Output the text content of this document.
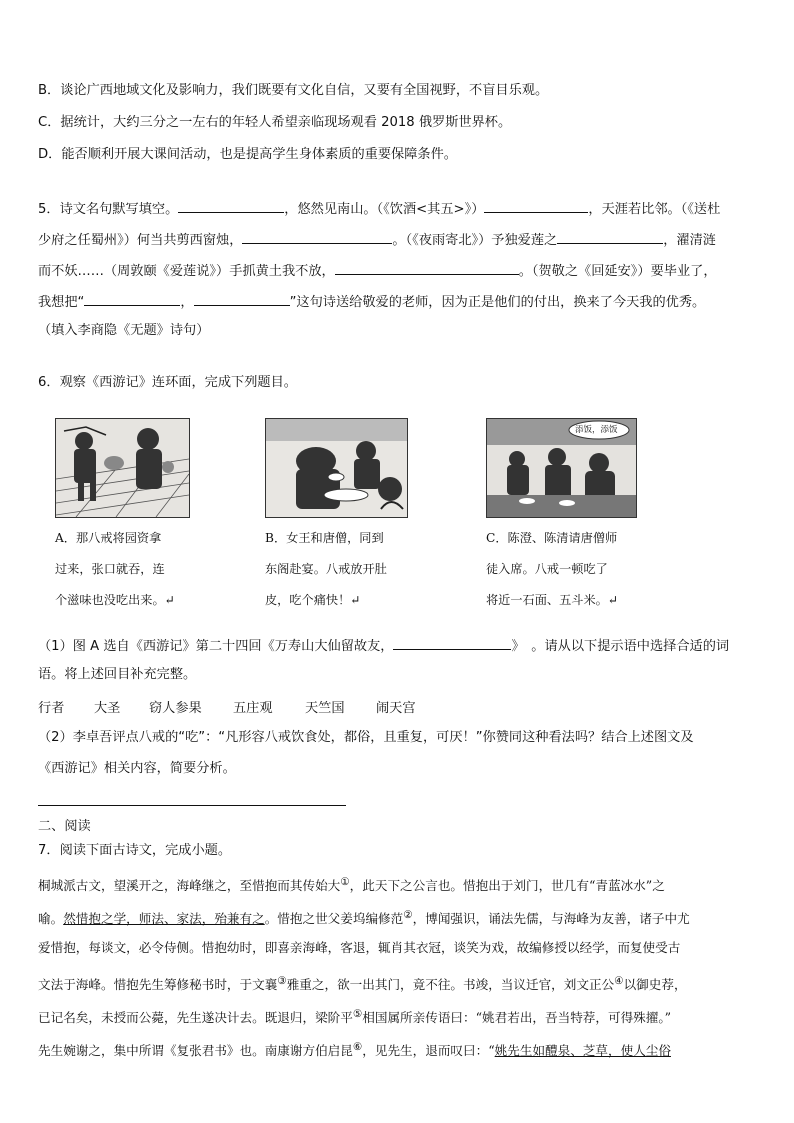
B．谈论广西地域文化及影响力，我们既要有文化自信，又要有全国视野，不盲目乐观。
C．据统计，大约三分之一左右的年轻人希望亲临现场观看 2018 俄罗斯世界杯。
D．能否顺利开展大课间活动，也是提高学生身体素质的重要保障条件。
5．诗文名句默写填空。	，悠然见南山。（《饮酒<其五>》）	，天涯若比邻。（《送杜
少府之任蜀州》）何当共剪西窗烛，	。（《夜雨寄北》）予独爱莲之	，濯清涟
而不妖……（周敦颐《爱莲说》）手抓黄土我不放，	。（贺敬之《回延安》）要毕业了，
我想把“	，	”这句诗送给敬爱的老师，因为正是他们的付出，换来了今天我的优秀。
（填入李商隐《无题》诗句）
6．观察《西游记》连环面，完成下列题目。
添饭，添饭
A．那八戒将园资拿
过来，张口就吞，连
个滋味也没吃出来。↵
B．女王和唐僧，同到
东阁赴宴。八戒放开肚
皮，吃个痛快！↵
C．陈澄、陈清请唐僧师
徒入席。八戒一顿吃了
将近一石面、五斗米。↵
（1）图 A 选自《西游记》第二十四回《万寿山大仙留故友，	》　。请从以下提示语中选择合适的词
语。将上述回目补充完整。
行者 大圣 窃人参果 五庄观 天竺国 闹天宫
（2）李卓吾评点八戒的“吃”：“凡形容八戒饮食处，都俗，且重复，可厌！”你赞同这种看法吗？结合上述图文及
《西游记》相关内容，简要分析。
二、阅读
7．阅读下面古诗文，完成小题。
桐城派古文，望溪开之，海峰继之，至惜抱而其传始大①，此天下之公言也。惜抱出于刘门，世几有“青蓝冰水”之
喻。然惜抱之学，师法、家法，殆兼有之。惜抱之世父姜坞编修范②，博闻强识，诵法先儒，与海峰为友善，诸子中尤
爱惜抱，每谈文，必令侍侧。惜抱幼时，即喜亲海峰，客退，辄肖其衣冠，谈笑为戏，故编修授以经学，而复使受古
文法于海峰。惜抱先生筹修秘书时，于文襄③雅重之，欲一出其门，竟不往。书竣，当议迁官，刘文正公④以御史荐，
已记名矣，未授而公薨，先生遂决计去。既退归，梁阶平⑤相国属所亲传语曰：“姚君若出，吾当特荐，可得殊擢。”
先生婉谢之，集中所谓《复张君书》也。南康谢方伯启昆⑥，见先生，退而叹曰：“姚先生如醴泉、芝草，使人尘俗
